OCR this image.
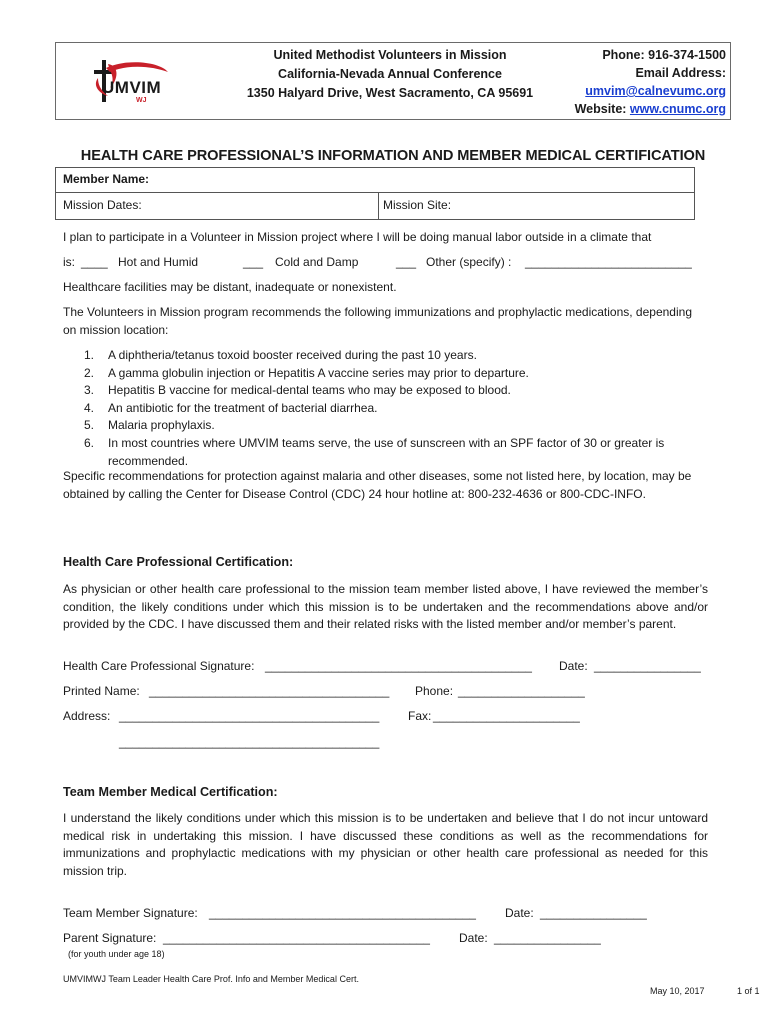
UMVIM
WJ
United Methodist Volunteers in Mission
California-Nevada Annual Conference
1350 Halyard Drive, West Sacramento, CA 95691
Phone: 916-374-1500
Email Address:
umvim@calnevumc.org
Website: www.cnumc.org
HEALTH CARE PROFESSIONAL’S INFORMATION AND MEMBER MEDICAL CERTIFICATION
Member Name:
Mission Dates:	Mission Site:
I plan to participate in a Volunteer in Mission project where I will be doing manual labor outside in a climate that
is: ____ Hot and Humid	___ Cold and Damp	___ Other (specify) : _________________________
Healthcare facilities may be distant, inadequate or nonexistent.
The Volunteers in Mission program recommends the following immunizations and prophylactic medications, depending on mission location:
1. A diphtheria/tetanus toxoid booster received during the past 10 years.
2. A gamma globulin injection or Hepatitis A vaccine series may prior to departure.
3. Hepatitis B vaccine for medical-dental teams who may be exposed to blood.
4. An antibiotic for the treatment of bacterial diarrhea.
5. Malaria prophylaxis.
6. In most countries where UMVIM teams serve, the use of sunscreen with an SPF factor of 30 or greater is recommended.
Specific recommendations for protection against malaria and other diseases, some not listed here, by location, may be obtained by calling the Center for Disease Control (CDC) 24 hour hotline at: 800-232-4636 or 800-CDC-INFO.
Health Care Professional Certification:
As physician or other health care professional to the mission team member listed above, I have reviewed the member’s condition, the likely conditions under which this mission is to be undertaken and the recommendations above and/or provided by the CDC. I have discussed them and their related risks with the listed member and/or member’s parent.
Health Care Professional Signature: ________________________________________ Date: ________________
Printed Name: ____________________________________ Phone: ___________________
Address: _______________________________________ Fax: ______________________
_______________________________________
Team Member Medical Certification:
I understand the likely conditions under which this mission is to be undertaken and believe that I do not incur untoward medical risk in undertaking this mission. I have discussed these conditions as well as the recommendations for immunizations and prophylactic medications with my physician or other health care professional as needed for this mission trip.
Team Member Signature: ________________________________________ Date: ________________
Parent Signature: ________________________________________ Date: ________________
(for youth under age 18)
UMVIMWJ Team Leader Health Care Prof. Info and Member Medical Cert.
May 10, 2017	1 of 1
